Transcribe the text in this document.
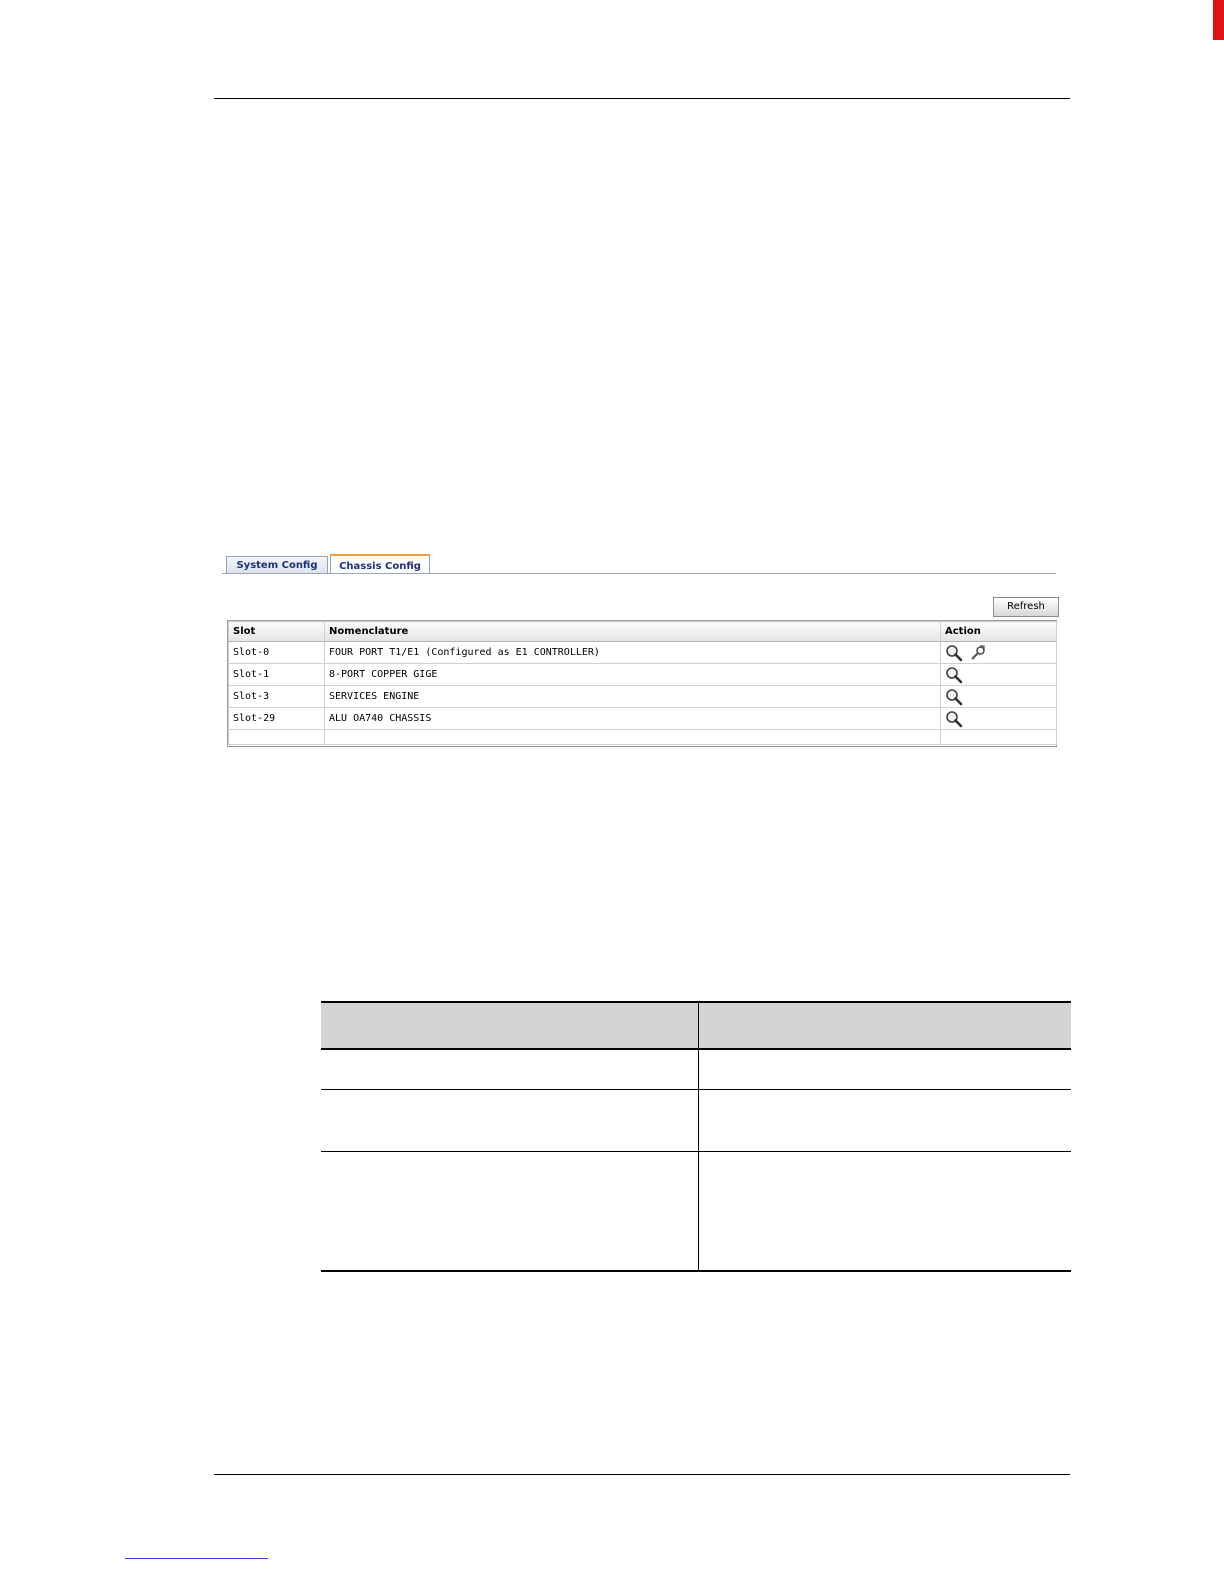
System Config	Chassis Config
Refresh
Slot	Nomenclature	Action
Slot-0	FOUR PORT T1/E1 (Configured as E1 CONTROLLER)	
Slot-1	8-PORT COPPER GIGE	
Slot-3	SERVICES ENGINE	
Slot-29	ALU OA740 CHASSIS	
